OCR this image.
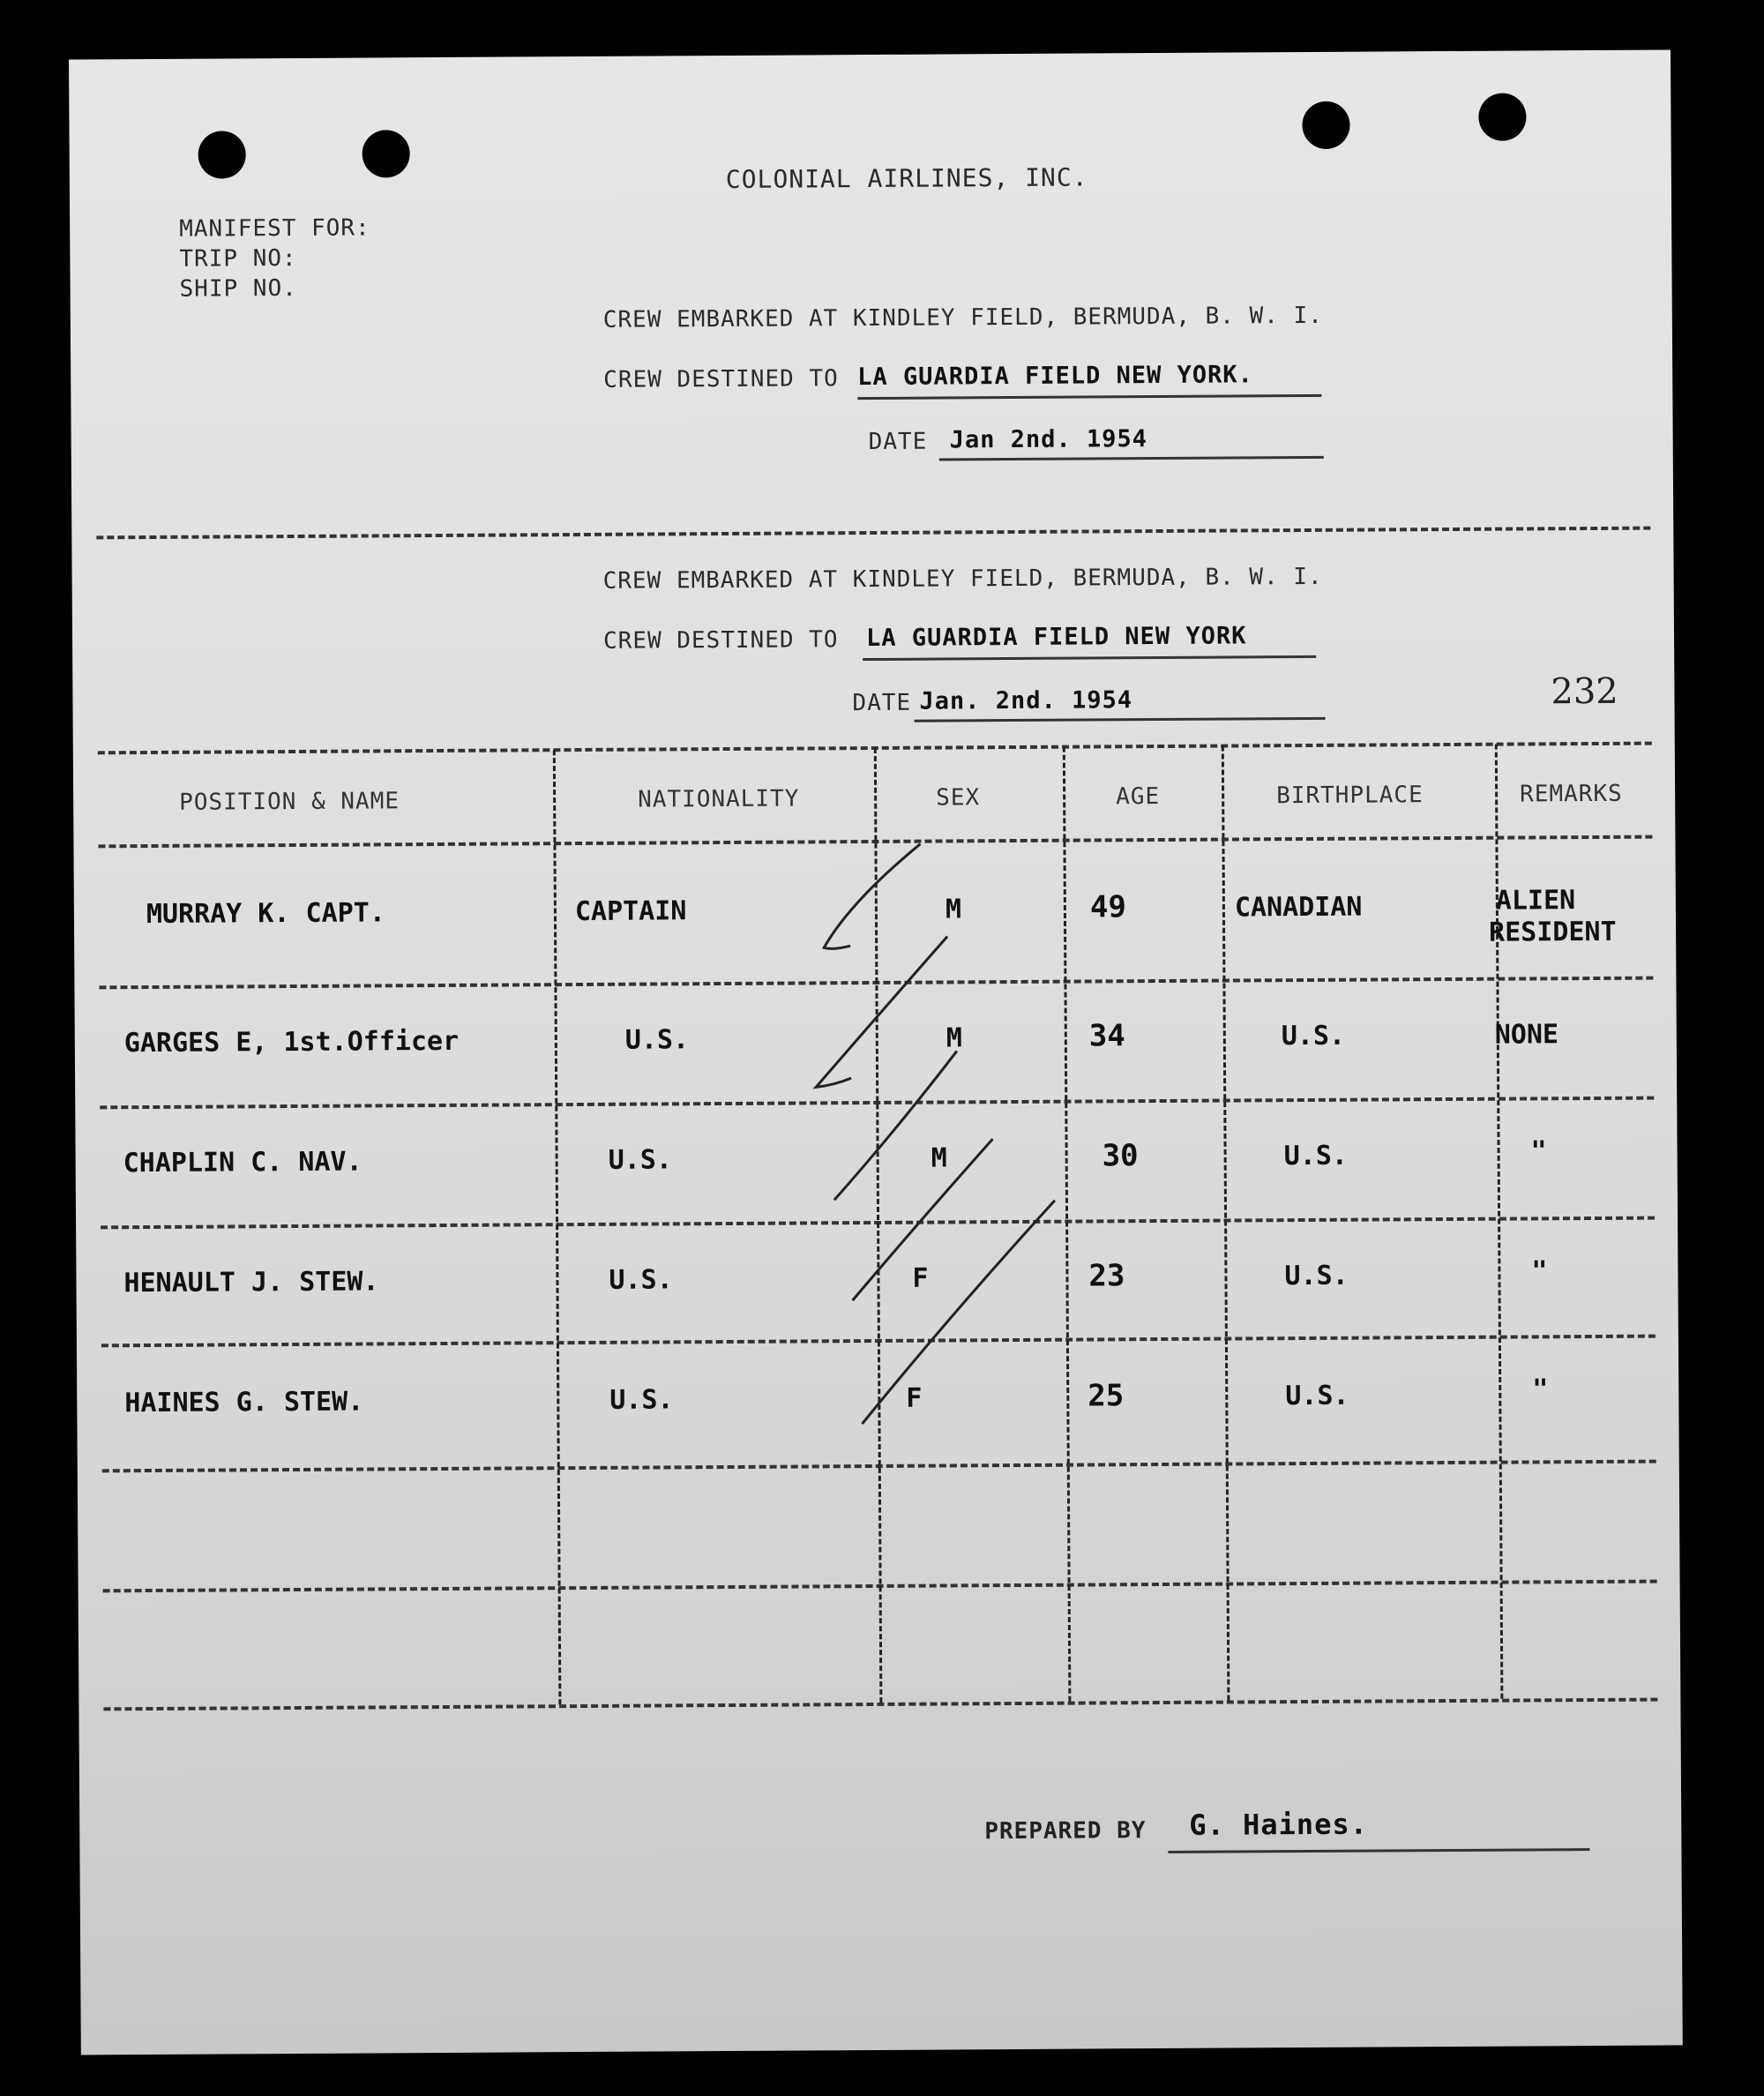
COLONIAL AIRLINES, INC.
MANIFEST FOR:
TRIP NO:
SHIP NO.
CREW EMBARKED AT KINDLEY FIELD, BERMUDA, B. W. I.
CREW DESTINED TO LA GUARDIA FIELD NEW YORK.
DATE Jan 2nd. 1954
CREW EMBARKED AT KINDLEY FIELD, BERMUDA, B. W. I.
CREW DESTINED TO LA GUARDIA FIELD NEW YORK
DATE Jan. 2nd. 1954	232
POSITION & NAME	NATIONALITY	SEX	AGE	BIRTHPLACE	REMARKS
MURRAY K. CAPT.	CAPTAIN	M	49	CANADIAN	ALIEN
RESIDENT
GARGES E, 1st.Officer	U.S.	M	34	U.S.	NONE
CHAPLIN C. NAV.	U.S.	M	30	U.S.	"
HENAULT J. STEW.	U.S.	F	23	U.S.	"
HAINES G. STEW.	U.S.	F	25	U.S.	"
PREPARED BY G. Haines.
